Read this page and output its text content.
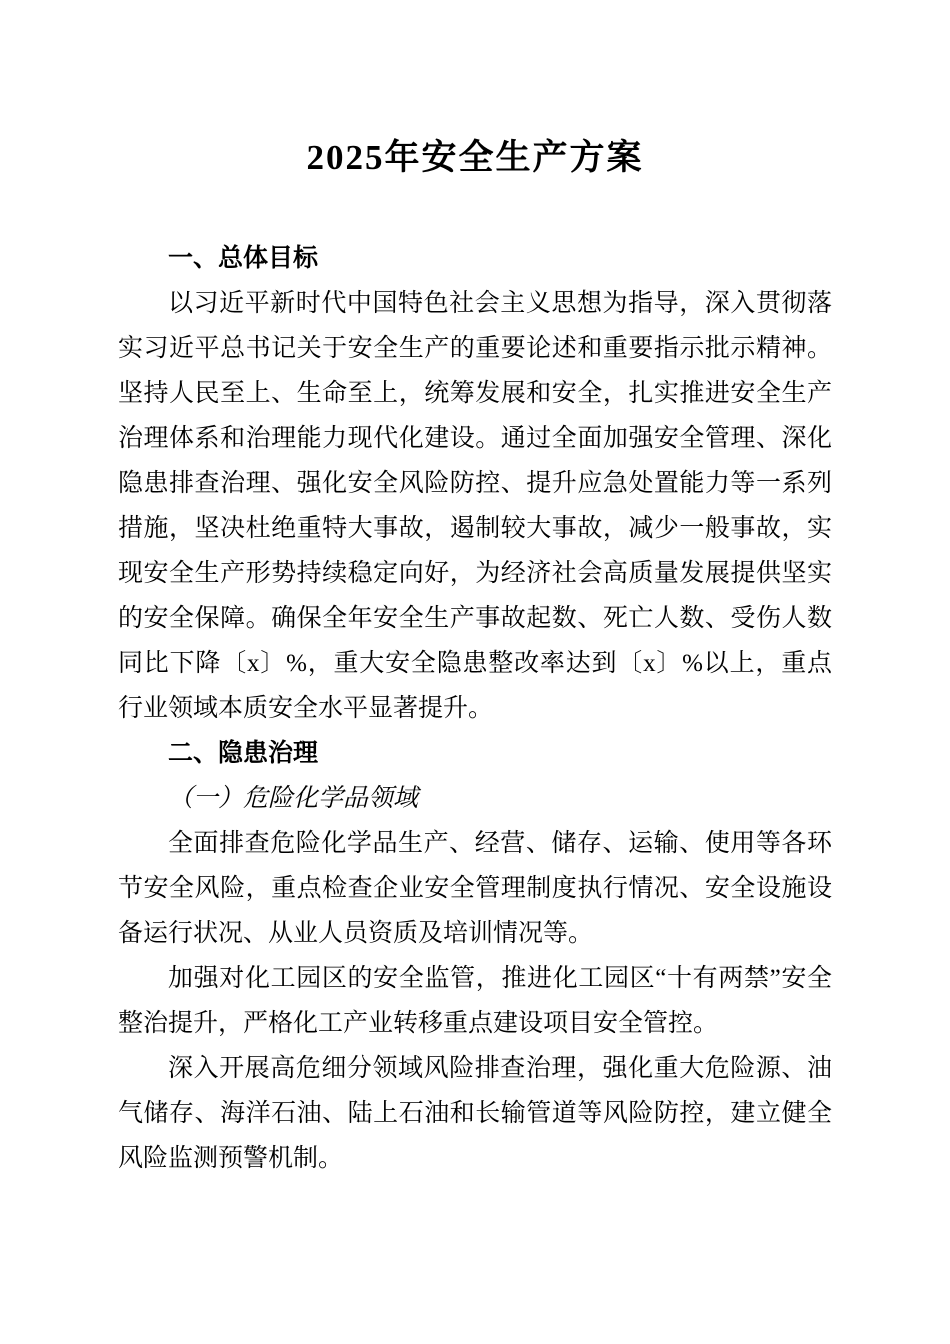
2025年安全生产方案
一、总体目标

以习近平新时代中国特色社会主义思想为指导，深入贯彻落实习近平总书记关于安全生产的重要论述和重要指示批示精神。坚持人民至上、生命至上，统筹发展和安全，扎实推进安全生产治理体系和治理能力现代化建设。通过全面加强安全管理、深化隐患排查治理、强化安全风险防控、提升应急处置能力等一系列措施，坚决杜绝重特大事故，遏制较大事故，减少一般事故，实现安全生产形势持续稳定向好，为经济社会高质量发展提供坚实的安全保障。确保全年安全生产事故起数、死亡人数、受伤人数同比下降〔x〕%，重大安全隐患整改率达到〔x〕%以上，重点行业领域本质安全水平显著提升。

二、隐患治理
（一）危险化学品领域

全面排查危险化学品生产、经营、储存、运输、使用等各环节安全风险，重点检查企业安全管理制度执行情况、安全设施设备运行状况、从业人员资质及培训情况等。

加强对化工园区的安全监管，推进化工园区“十有两禁”安全整治提升，严格化工产业转移重点建设项目安全管控。

深入开展高危细分领域风险排查治理，强化重大危险源、油气储存、海洋石油、陆上石油和长输管道等风险防控，建立健全风险监测预警机制。
